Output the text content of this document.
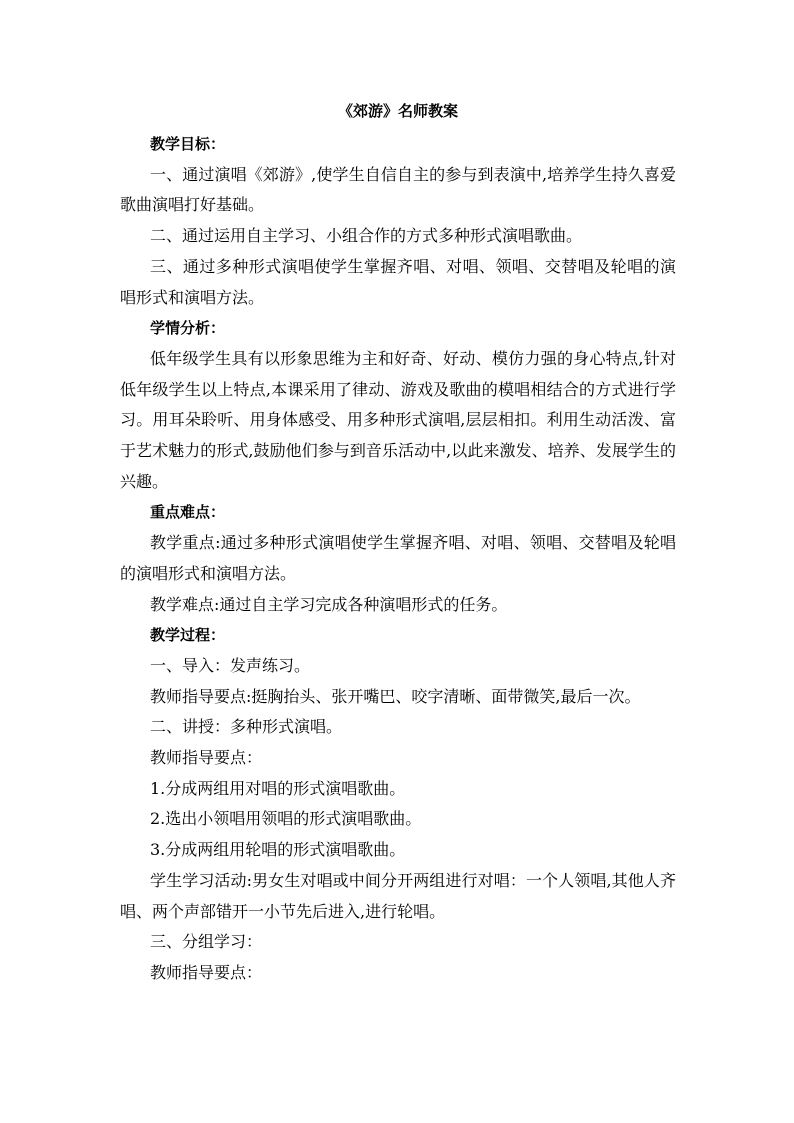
《郊游》名师教案

教学目标：

一、通过演唱《郊游》,使学生自信自主的参与到表演中,培养学生持久喜爱歌曲演唱打好基础。

二、通过运用自主学习、小组合作的方式多种形式演唱歌曲。

三、通过多种形式演唱使学生掌握齐唱、对唱、领唱、交替唱及轮唱的演唱形式和演唱方法。

学情分析：

低年级学生具有以形象思维为主和好奇、好动、模仿力强的身心特点,针对低年级学生以上特点,本课采用了律动、游戏及歌曲的模唱相结合的方式进行学习。用耳朵聆听、用身体感受、用多种形式演唱,层层相扣。利用生动活泼、富于艺术魅力的形式,鼓励他们参与到音乐活动中,以此来激发、培养、发展学生的兴趣。

重点难点：

教学重点:通过多种形式演唱使学生掌握齐唱、对唱、领唱、交替唱及轮唱的演唱形式和演唱方法。

教学难点:通过自主学习完成各种演唱形式的任务。

教学过程：

一、导入：发声练习。

教师指导要点:挺胸抬头、张开嘴巴、咬字清晰、面带微笑,最后一次。

二、讲授：多种形式演唱。

教师指导要点：

1.分成两组用对唱的形式演唱歌曲。

2.选出小领唱用领唱的形式演唱歌曲。

3.分成两组用轮唱的形式演唱歌曲。

学生学习活动:男女生对唱或中间分开两组进行对唱：一个人领唱,其他人齐唱、两个声部错开一小节先后进入,进行轮唱。

三、分组学习：

教师指导要点：
